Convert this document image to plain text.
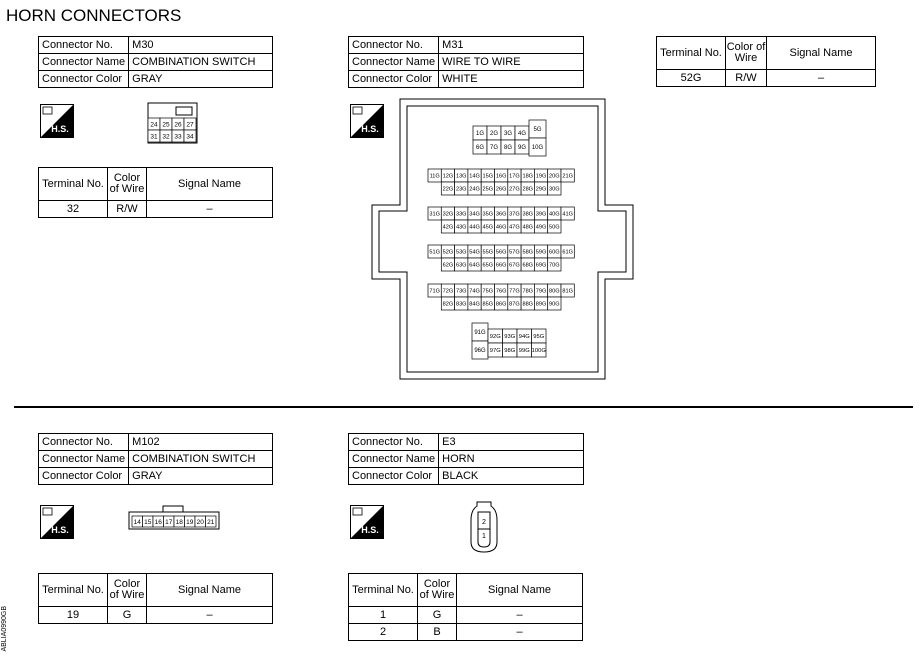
HORN CONNECTORS
Connector No.	M30
Connector Name	COMBINATION SWITCH
Connector Color	GRAY
H.S.	24 25 26 27
31 32 33 34
Terminal No.	Color of Wire	Signal Name
32	R/W	–
Connector No.	M31
Connector Name	WIRE TO WIRE
Connector Color	WHITE
Terminal No.	Color of Wire	Signal Name
52G	R/W	–
H.S.
1G 2G 3G 4G
6G 7G 8G 9G
5G
10G
11G 12G 13G 14G 15G 16G 17G 18G 19G 20G 21G
22G 23G 24G 25G 26G 27G 28G 29G 30G
31G 32G 33G 34G 35G 36G 37G 38G 39G 40G 41G
42G 43G 44G 45G 46G 47G 48G 49G 50G
51G 52G 53G 54G 55G 56G 57G 58G 59G 60G 61G
62G 63G 64G 65G 66G 67G 68G 69G 70G
71G 72G 73G 74G 75G 76G 77G 78G 79G 80G 81G
82G 83G 84G 85G 86G 87G 88G 89G 90G
91G
96G
92G 93G 94G 95G
97G 98G 99G 100G
Connector No.	M102
Connector Name	COMBINATION SWITCH
Connector Color	GRAY
H.S.
14 15 16 17 18 19 20 21
Terminal No.	Color of Wire	Signal Name
19	G	–
Connector No.	E3
Connector Name	HORN
Connector Color	BLACK
H.S.
2
1
Terminal No.	Color of Wire	Signal Name
1	G	–
2	B	–
ABLIA0990GB
